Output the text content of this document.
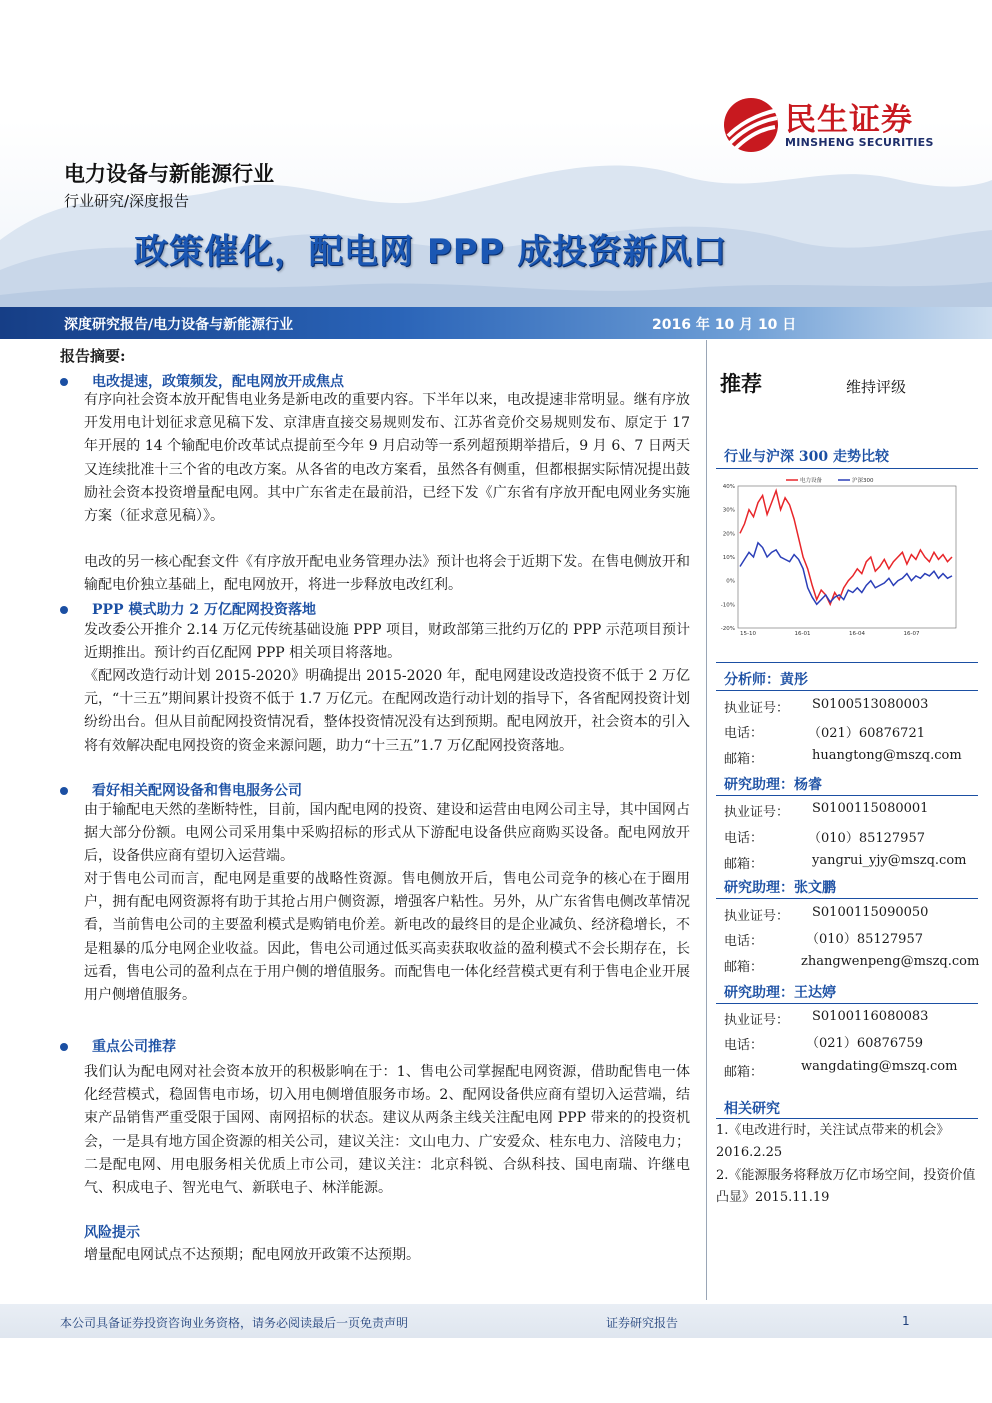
民生证券
MINSHENG SECURITIES
电力设备与新能源行业
行业研究/深度报告
政策催化，配电网 PPP 成投资新风口
深度研究报告/电力设备与新能源行业	2016 年 10 月 10 日
报告摘要:
电改提速，政策频发，配电网放开成焦点
有序向社会资本放开配售电业务是新电改的重要内容。下半年以来，电改提速非常明显。继有序放开发用电计划征求意见稿下发、京津唐直接交易规则发布、江苏省竞价交易规则发布、原定于 17 年开展的 14 个输配电价改革试点提前至今年 9 月启动等一系列超预期举措后，9 月 6、7 日两天又连续批准十三个省的电改方案。从各省的电改方案看，虽然各有侧重，但都根据实际情况提出鼓励社会资本投资增量配电网。其中广东省走在最前沿，已经下发《广东省有序放开配电网业务实施方案（征求意见稿）》。
电改的另一核心配套文件《有序放开配电业务管理办法》预计也将会于近期下发。在售电侧放开和输配电价独立基础上，配电网放开，将进一步释放电改红利。
PPP 模式助力 2 万亿配网投资落地
发改委公开推介 2.14 万亿元传统基础设施 PPP 项目，财政部第三批约万亿的 PPP 示范项目预计近期推出。预计约百亿配网 PPP 相关项目将落地。
《配网改造行动计划 2015-2020》明确提出 2015-2020 年，配电网建设改造投资不低于 2 万亿元，“十三五”期间累计投资不低于 1.7 万亿元。在配网改造行动计划的指导下，各省配网投资计划纷纷出台。但从目前配网投资情况看，整体投资情况没有达到预期。配电网放开，社会资本的引入将有效解决配电网投资的资金来源问题，助力“十三五”1.7 万亿配网投资落地。
看好相关配网设备和售电服务公司
由于输配电天然的垄断特性，目前，国内配电网的投资、建设和运营由电网公司主导，其中国网占据大部分份额。电网公司采用集中采购招标的形式从下游配电设备供应商购买设备。配电网放开后，设备供应商有望切入运营端。
对于售电公司而言，配电网是重要的战略性资源。售电侧放开后，售电公司竞争的核心在于圈用户，拥有配电网资源将有助于其抢占用户侧资源，增强客户粘性。另外，从广东省售电侧改革情况看，当前售电公司的主要盈利模式是购销电价差。新电改的最终目的是企业减负、经济稳增长，不是粗暴的瓜分电网企业收益。因此，售电公司通过低买高卖获取收益的盈利模式不会长期存在，长远看，售电公司的盈利点在于用户侧的增值服务。而配售电一体化经营模式更有利于售电企业开展用户侧增值服务。
重点公司推荐
我们认为配电网对社会资本放开的积极影响在于：1、售电公司掌握配电网资源，借助配售电一体化经营模式，稳固售电市场，切入用电侧增值服务市场。2、配网设备供应商有望切入运营端，结束产品销售严重受限于国网、南网招标的状态。建议从两条主线关注配电网 PPP 带来的的投资机会，一是具有地方国企资源的相关公司，建议关注：文山电力、广安爱众、桂东电力、涪陵电力；二是配电网、用电服务相关优质上市公司，建议关注：北京科锐、合纵科技、国电南瑞、许继电气、积成电子、智光电气、新联电子、林洋能源。
风险提示
增量配电网试点不达预期；配电网放开政策不达预期。
推荐	维持评级
行业与沪深 300 走势比较
40%
30%
20%
10%
0%
-10%
-20%
15-10	16-01	16-04	16-07
电力设备	沪深300
分析师：黄彤
执业证号： S0100513080003
电话：	（021）60876721
邮箱：	huangtong@mszq.com
研究助理：杨睿
执业证号： S0100115080001
电话：	（010）85127957
邮箱：	yangrui_yjy@mszq.com
研究助理：张文鹏
执业证号： S0100115090050
电话：	（010）85127957
邮箱：	zhangwenpeng@mszq.com
研究助理：王达婷
执业证号： S0100116080083
电话：	（021）60876759
邮箱：	wangdating@mszq.com
相关研究
1.《电改进行时，关注试点带来的机会》2016.2.25
2.《能源服务将释放万亿市场空间，投资价值凸显》2015.11.19
本公司具备证券投资咨询业务资格，请务必阅读最后一页免责声明	证券研究报告	1
